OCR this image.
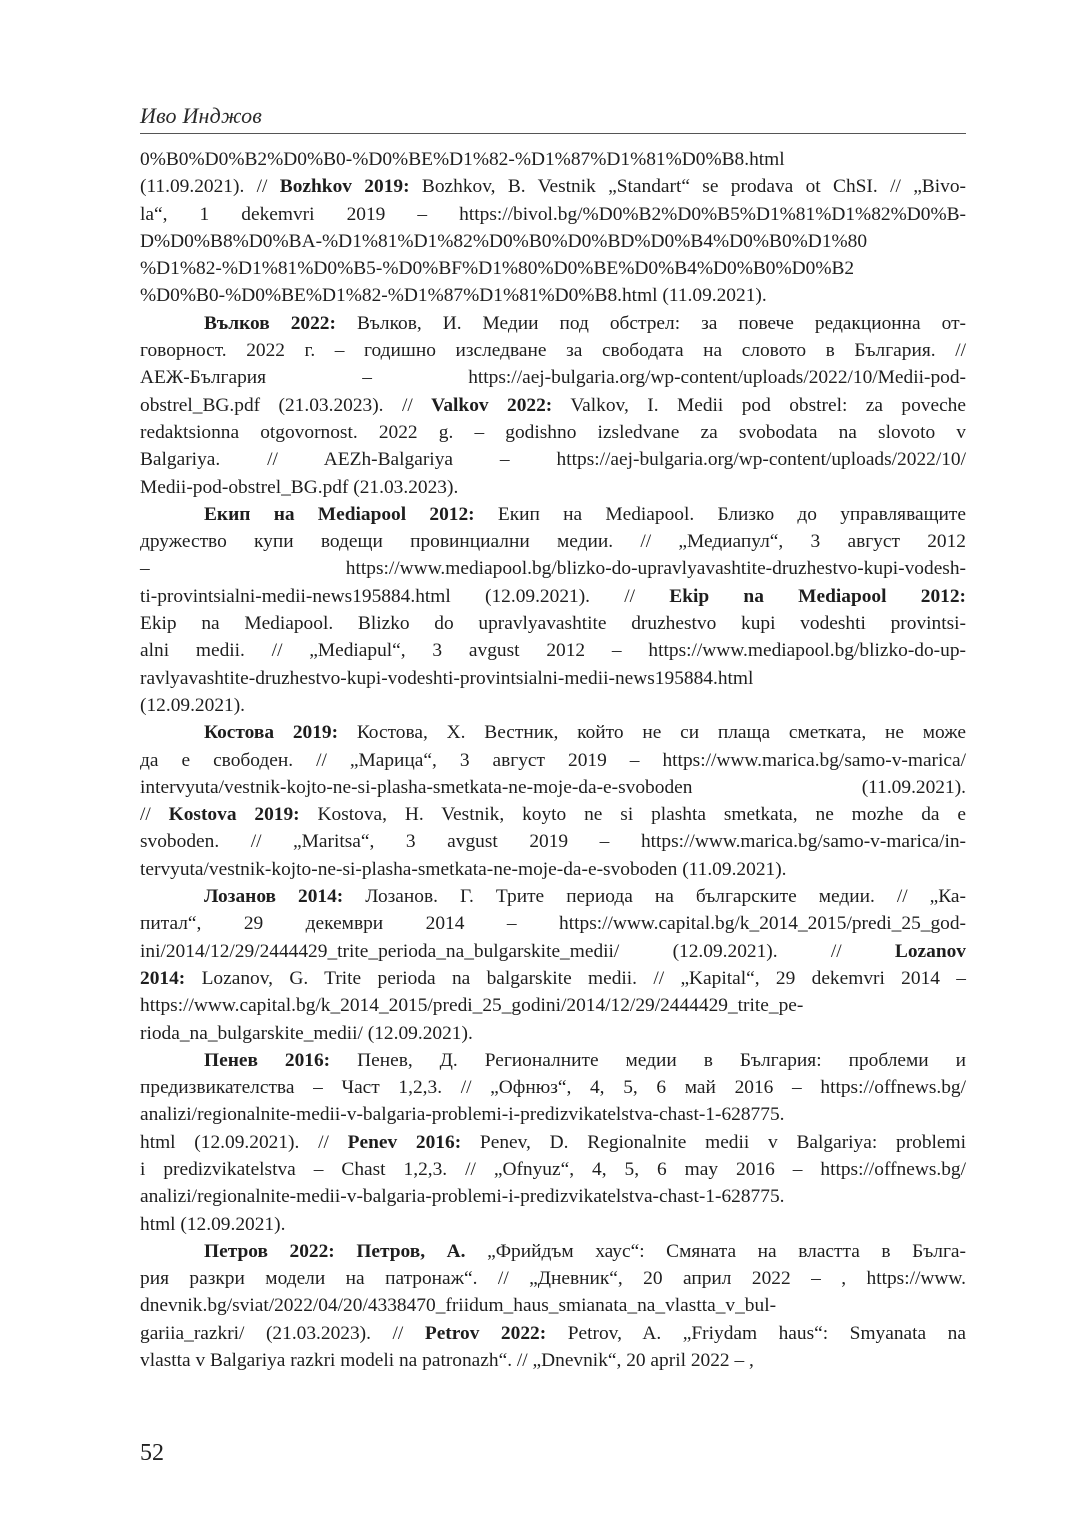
Иво Инджов
0%B0%D0%B2%D0%B0-%D0%BE%D1%82-%D1%87%D1%81%D0%B8.html
(11.09.2021). // Bozhkov 2019: Bozhkov, B. Vestnik „Standart“ se prodava ot ChSI. // „Bivo-
la“, 1 dekemvri 2019 – https://bivol.bg/%D0%B2%D0%B5%D1%81%D1%82%D0%B-
D%D0%B8%D0%BA-%D1%81%D1%82%D0%B0%D0%BD%D0%B4%D0%B0%D1%80
%D1%82-%D1%81%D0%B5-%D0%BF%D1%80%D0%BE%D0%B4%D0%B0%D0%B2
%D0%B0-%D0%BE%D1%82-%D1%87%D1%81%D0%B8.html (11.09.2021).
Вълков 2022: Вълков, И. Медии под обстрел: за повече редакционна от-
говорност. 2022 г. – годишно изследване за свободата на словото в България. //
АЕЖ-България – https://aej-bulgaria.org/wp-content/uploads/2022/10/Medii-pod-
obstrel_BG.pdf (21.03.2023). // Valkov 2022: Valkov, I. Medii pod obstrel: za poveche
redaktsionna otgovornost. 2022 g. – godishno izsledvane za svobodata na slovoto v
Balgariya. // AEZh-Balgariya – https://aej-bulgaria.org/wp-content/uploads/2022/10/
Medii-pod-obstrel_BG.pdf (21.03.2023).
Екип на Mediapool 2012: Екип на Mediapool. Близко до управляващите
дружество купи водещи провинциални медии. // „Медиапул“, 3 август 2012
– https://www.mediapool.bg/blizko-do-upravlyavashtite-druzhestvo-kupi-vodesh-
ti-provintsialni-medii-news195884.html (12.09.2021). // Ekip na Mediapool 2012:
Ekip na Mediapool. Blizko do upravlyavashtite druzhestvo kupi vodeshti provintsi-
alni medii. // „Mediapul“, 3 avgust 2012 – https://www.mediapool.bg/blizko-do-up-
ravlyavashtite-druzhestvo-kupi-vodeshti-provintsialni-medii-news195884.html
(12.09.2021).
Костова 2019: Костова, Х. Вестник, който не си плаща сметката, не може
да е свободен. // „Марица“, 3 август 2019 – https://www.marica.bg/samo-v-marica/
intervyuta/vestnik-kojto-ne-si-plasha-smetkata-ne-moje-da-e-svoboden (11.09.2021).
// Kostova 2019: Kostova, H. Vestnik, koyto ne si plashta smetkata, ne mozhe da e
svoboden. // „Maritsa“, 3 avgust 2019 – https://www.marica.bg/samo-v-marica/in-
tervyuta/vestnik-kojto-ne-si-plasha-smetkata-ne-moje-da-e-svoboden (11.09.2021).
Лозанов 2014: Лозанов. Г. Трите периода на българските медии. // „Ка-
питал“, 29 декември 2014 – https://www.capital.bg/k_2014_2015/predi_25_god-
ini/2014/12/29/2444429_trite_perioda_na_bulgarskite_medii/ (12.09.2021). // Lozanov
2014: Lozanov, G. Trite perioda na balgarskite medii. // „Kapital“, 29 dekemvri 2014 –
https://www.capital.bg/k_2014_2015/predi_25_godini/2014/12/29/2444429_trite_pe-
rioda_na_bulgarskite_medii/ (12.09.2021).
Пенев 2016: Пенев, Д. Регионалните медии в България: проблеми и
предизвикателства – Част 1,2,3. // „Офнюз“, 4, 5, 6 май 2016 – https://offnews.bg/
analizi/regionalnite-medii-v-balgaria-problemi-i-predizvikatelstva-chast-1-628775.
html (12.09.2021). // Penev 2016: Penev, D. Regionalnite medii v Balgariya: problemi
i predizvikatelstva – Chast 1,2,3. // „Ofnyuz“, 4, 5, 6 may 2016 – https://offnews.bg/
analizi/regionalnite-medii-v-balgaria-problemi-i-predizvikatelstva-chast-1-628775.
html (12.09.2021).
Петров 2022: Петров, А. „Фрийдъм хаус“: Смяната на властта в Бълга-
рия разкри модели на патронаж“. // „Дневник“, 20 април 2022 – , https://www.
dnevnik.bg/sviat/2022/04/20/4338470_friidum_haus_smianata_na_vlastta_v_bul-
gariia_razkri/ (21.03.2023). // Petrov 2022: Petrov, A. „Friydam haus“: Smyanata na
vlastta v Balgariya razkri modeli na patronazh“. // „Dnevnik“, 20 april 2022 – ,
52
